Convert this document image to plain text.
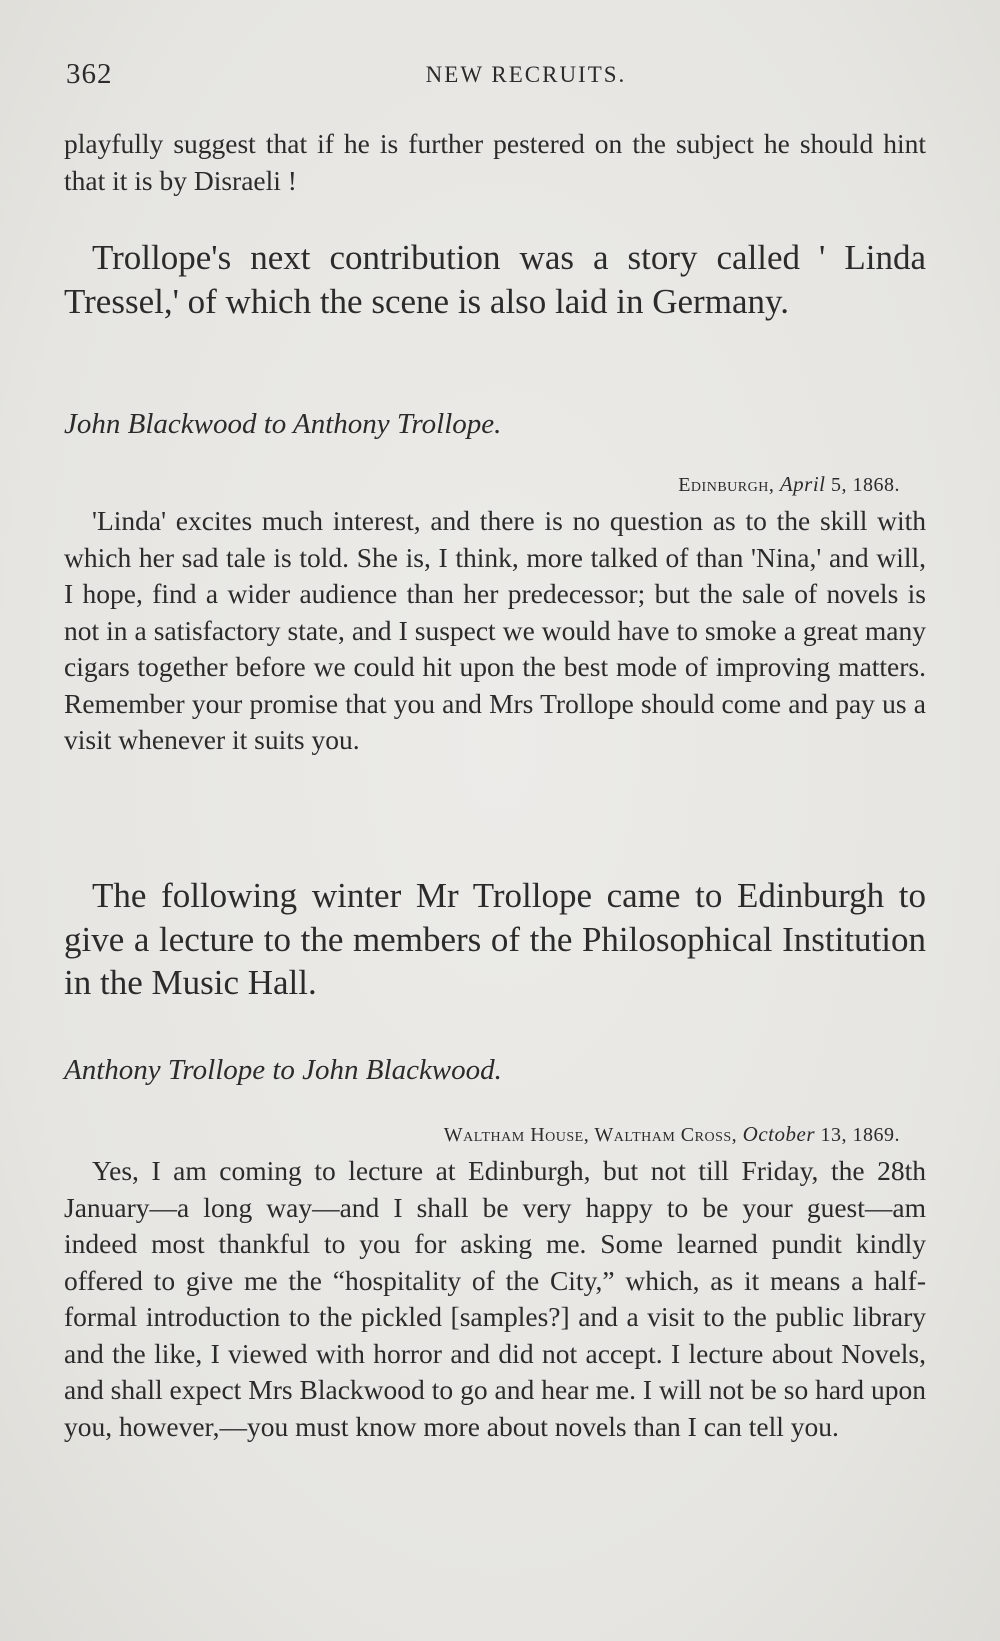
362	NEW RECRUITS.

playfully suggest that if he is further pestered on the subject he should hint that it is by Disraeli !

Trollope's next contribution was a story called ' Linda Tressel,' of which the scene is also laid in Germany.

John Blackwood to Anthony Trollope.
Edinburgh, April 5, 1868.

'Linda' excites much interest, and there is no question as to the skill with which her sad tale is told. She is, I think, more talked of than 'Nina,' and will, I hope, find a wider audience than her predecessor; but the sale of novels is not in a satisfactory state, and I suspect we would have to smoke a great many cigars together before we could hit upon the best mode of improving matters. Remember your promise that you and Mrs Trollope should come and pay us a visit whenever it suits you.

The following winter Mr Trollope came to Edinburgh to give a lecture to the members of the Philosophical Institution in the Music Hall.

Anthony Trollope to John Blackwood.
Waltham House, Waltham Cross, October 13, 1869.

Yes, I am coming to lecture at Edinburgh, but not till Friday, the 28th January—a long way—and I shall be very happy to be your guest—am indeed most thankful to you for asking me. Some learned pundit kindly offered to give me the “hospitality of the City,” which, as it means a half-formal introduction to the pickled [samples?] and a visit to the public library and the like, I viewed with horror and did not accept. I lecture about Novels, and shall expect Mrs Blackwood to go and hear me. I will not be so hard upon you, however,—you must know more about novels than I can tell you.
